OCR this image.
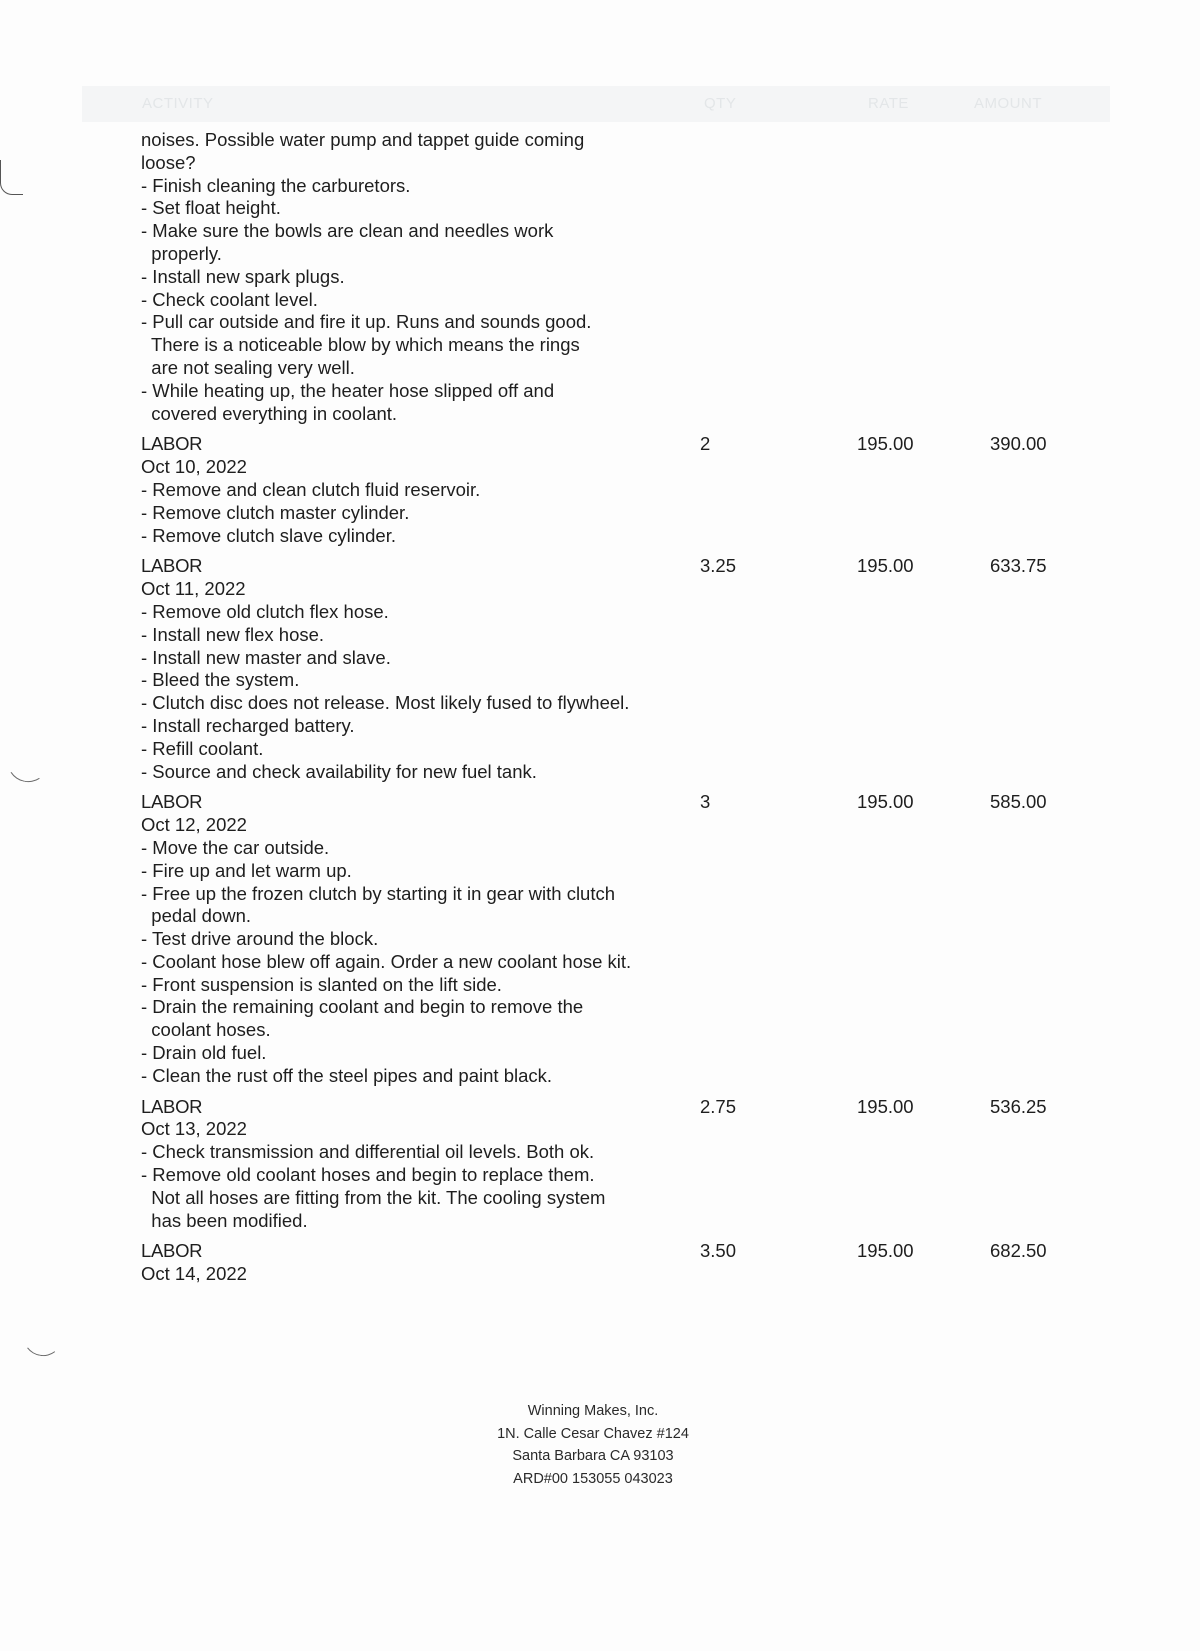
ACTIVITY	QTY	RATE	AMOUNT
noises. Possible water pump and tappet guide coming
loose?
- Finish cleaning the carburetors.
- Set float height.
- Make sure the bowls are clean and needles work
properly.
- Install new spark plugs.
- Check coolant level.
- Pull car outside and fire it up. Runs and sounds good.
There is a noticeable blow by which means the rings
are not sealing very well.
- While heating up, the heater hose slipped off and
covered everything in coolant.
LABOR	2	195.00	390.00
Oct 10, 2022
- Remove and clean clutch fluid reservoir.
- Remove clutch master cylinder.
- Remove clutch slave cylinder.
LABOR	3.25	195.00	633.75
Oct 11, 2022
- Remove old clutch flex hose.
- Install new flex hose.
- Install new master and slave.
- Bleed the system.
- Clutch disc does not release. Most likely fused to flywheel.
- Install recharged battery.
- Refill coolant.
- Source and check availability for new fuel tank.
LABOR	3	195.00	585.00
Oct 12, 2022
- Move the car outside.
- Fire up and let warm up.
- Free up the frozen clutch by starting it in gear with clutch
pedal down.
- Test drive around the block.
- Coolant hose blew off again. Order a new coolant hose kit.
- Front suspension is slanted on the lift side.
- Drain the remaining coolant and begin to remove the
coolant hoses.
- Drain old fuel.
- Clean the rust off the steel pipes and paint black.
LABOR	2.75	195.00	536.25
Oct 13, 2022
- Check transmission and differential oil levels. Both ok.
- Remove old coolant hoses and begin to replace them.
Not all hoses are fitting from the kit. The cooling system
has been modified.
LABOR	3.50	195.00	682.50
Oct 14, 2022
Winning Makes, Inc.
1N. Calle Cesar Chavez #124
Santa Barbara CA 93103
ARD#00 153055 043023
